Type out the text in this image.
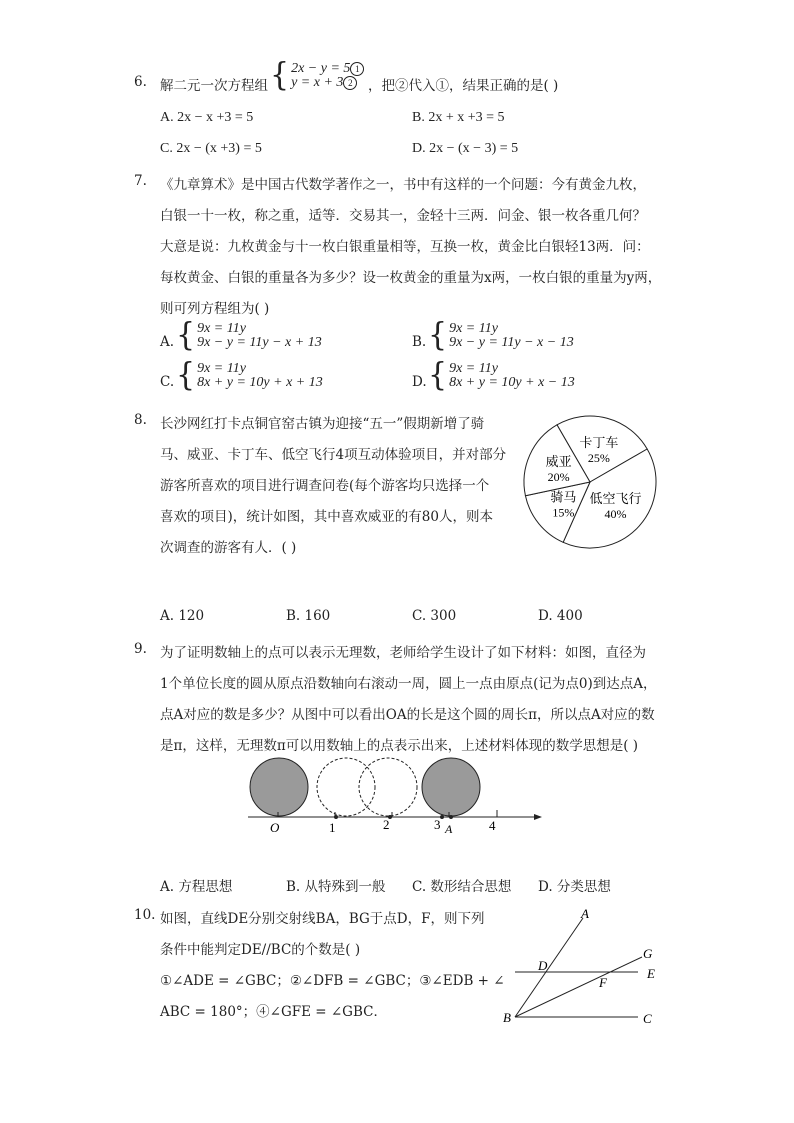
6. 解二元一次方程组 { 2x − y = 5 1
y = x + 3 2	，把②代入①，结果正确的是( )
A. 2x − x +3 = 5	B. 2x + x +3 = 5
C. 2x − (x +3) = 5	D. 2x − (x − 3) = 5
7. 《九章算术》是中国古代数学著作之一，书中有这样的一个问题：今有黄金九枚，
白银一十一枚，称之重，适等．交易其一，金轻十三两．问金、银一枚各重几何？
大意是说：九枚黄金与十一枚白银重量相等，互换一枚，黄金比白银轻13两．问：
每枚黄金、白银的重量各为多少？设一枚黄金的重量为x两，一枚白银的重量为y两，
则可列方程组为( )
A. { 9x = 11y
9x − y = 11y − x + 13	B. { 9x = 11y
9x − y = 11y − x − 13
C. { 9x = 11y
8x + y = 10y + x + 13	D. { 9x = 11y
8x + y = 10y + x − 13
8. 长沙网红打卡点铜官窑古镇为迎接“五一”假期新增了骑
马、威亚、卡丁车、低空飞行4项互动体验项目，并对部分
游客所喜欢的项目进行调查问卷(每个游客均只选择一个
喜欢的项目)，统计如图，其中喜欢威亚的有80人，则本
次调查的游客有人．( )
卡丁车
25%
低空飞行
40%
骑马
15%
威亚
20%
A. 120	B. 160	C. 300	D. 400
9. 为了证明数轴上的点可以表示无理数，老师给学生设计了如下材料：如图，直径为
1个单位长度的圆从原点沿数轴向右滚动一周，圆上一点由原点(记为点0)到达点A，
点A对应的数是多少？从图中可以看出OA的长是这个圆的周长π，所以点A对应的数
是π，这样，无理数π可以用数轴上的点表示出来，上述材料体现的数学思想是( )
O	1	2	3 A	4
A. 方程思想	B. 从特殊到一般 C. 数形结合思想 D. 分类思想
10. 如图，直线DE分别交射线BA，BG于点D，F，则下列
条件中能判定DE//BC的个数是( )
①∠ADE = ∠GBC；②∠DFB = ∠GBC；③∠EDB + ∠
ABC = 180°；④∠GFE = ∠GBC．
A
G
D
E
F
B	C
